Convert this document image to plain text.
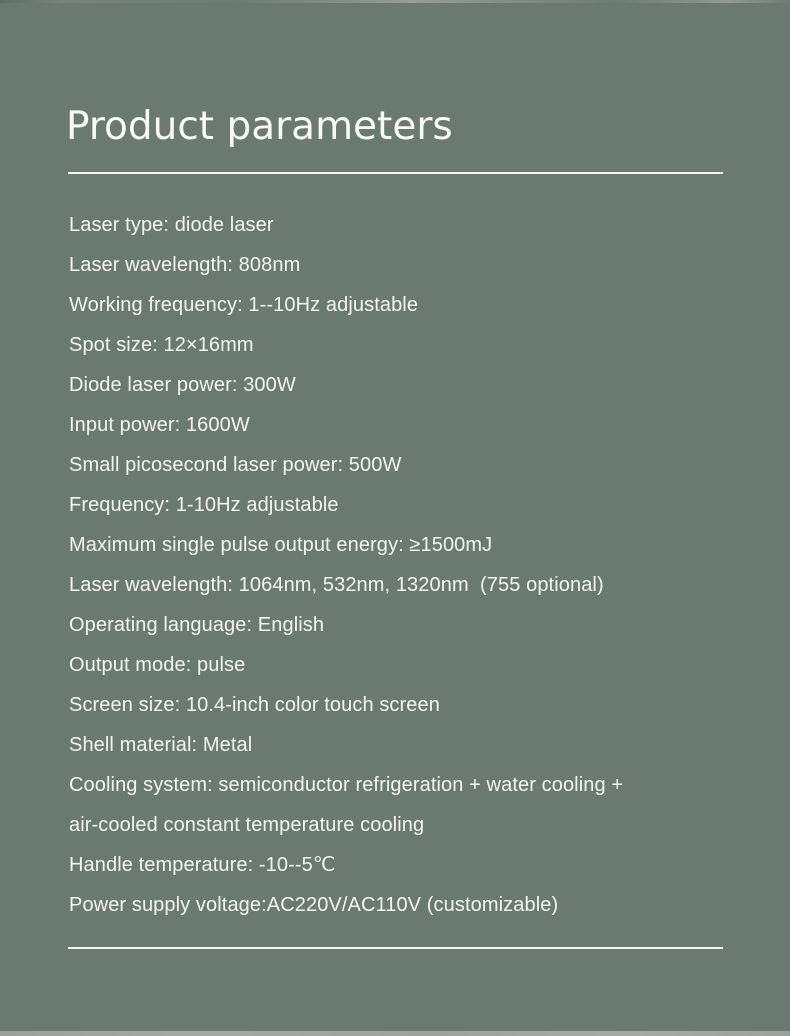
Product parameters
Laser type: diode laser
Laser wavelength: 808nm
Working frequency: 1--10Hz adjustable
Spot size: 12×16mm
Diode laser power: 300W
Input power: 1600W
Small picosecond laser power: 500W
Frequency: 1-10Hz adjustable
Maximum single pulse output energy: ≥1500mJ
Laser wavelength: 1064nm, 532nm, 1320nm  (755 optional)
Operating language: English
Output mode: pulse
Screen size: 10.4-inch color touch screen
Shell material: Metal
Cooling system: semiconductor refrigeration + water cooling +
air-cooled constant temperature cooling
Handle temperature: -10--5℃
Power supply voltage:AC220V/AC110V (customizable)
